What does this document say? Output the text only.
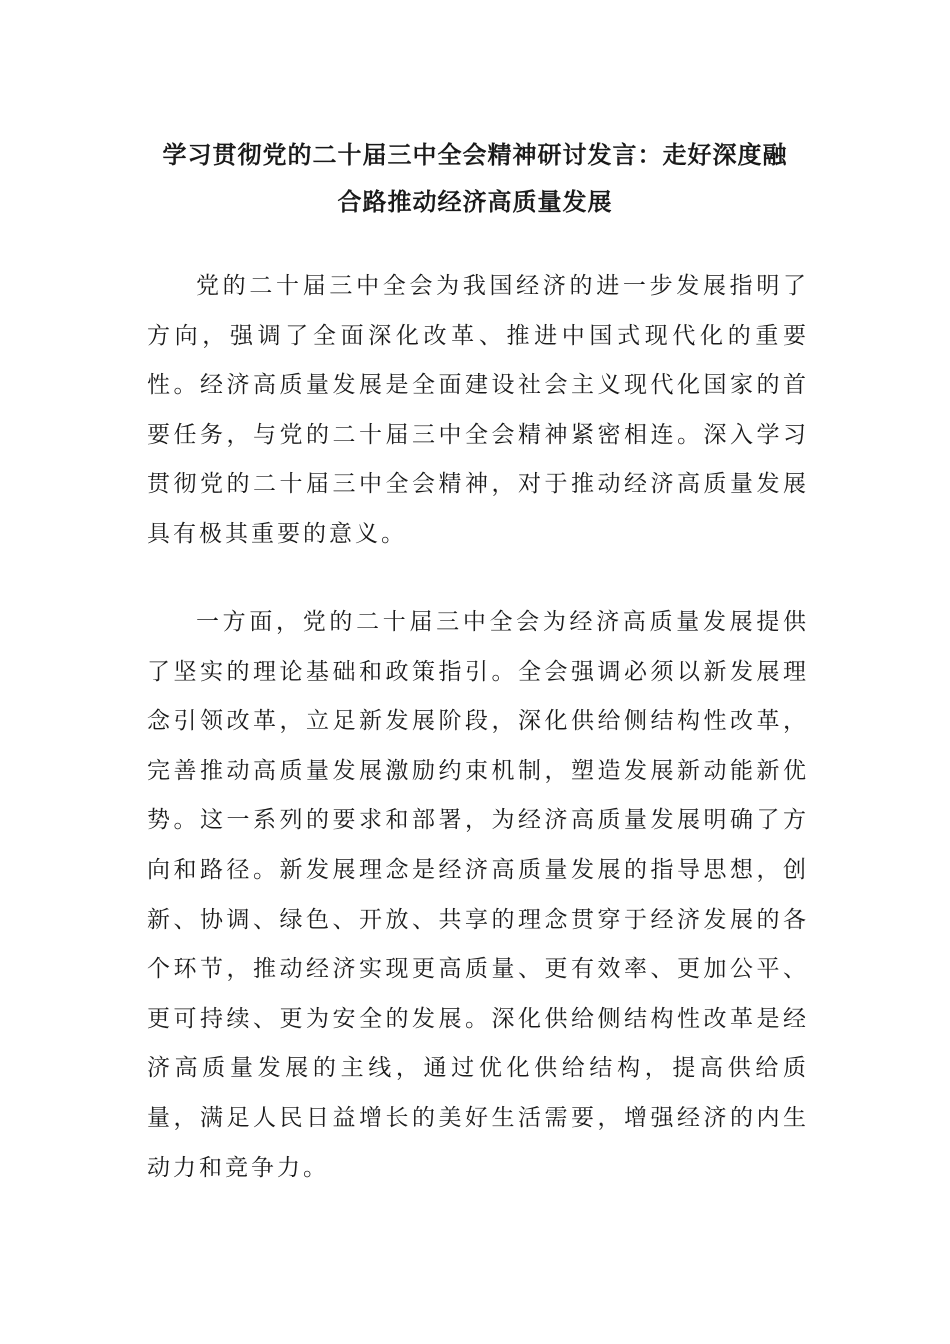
学习贯彻党的二十届三中全会精神研讨发言：走好深度融
合路推动经济高质量发展

党的二十届三中全会为我国经济的进一步发展指明了方向，强调了全面深化改革、推进中国式现代化的重要性。经济高质量发展是全面建设社会主义现代化国家的首要任务，与党的二十届三中全会精神紧密相连。深入学习贯彻党的二十届三中全会精神，对于推动经济高质量发展具有极其重要的意义。

一方面，党的二十届三中全会为经济高质量发展提供了坚实的理论基础和政策指引。全会强调必须以新发展理念引领改革，立足新发展阶段，深化供给侧结构性改革，完善推动高质量发展激励约束机制，塑造发展新动能新优势。这一系列的要求和部署，为经济高质量发展明确了方向和路径。新发展理念是经济高质量发展的指导思想，创新、协调、绿色、开放、共享的理念贯穿于经济发展的各个环节，推动经济实现更高质量、更有效率、更加公平、更可持续、更为安全的发展。深化供给侧结构性改革是经济高质量发展的主线，通过优化供给结构，提高供给质量，满足人民日益增长的美好生活需要，增强经济的内生动力和竞争力。
